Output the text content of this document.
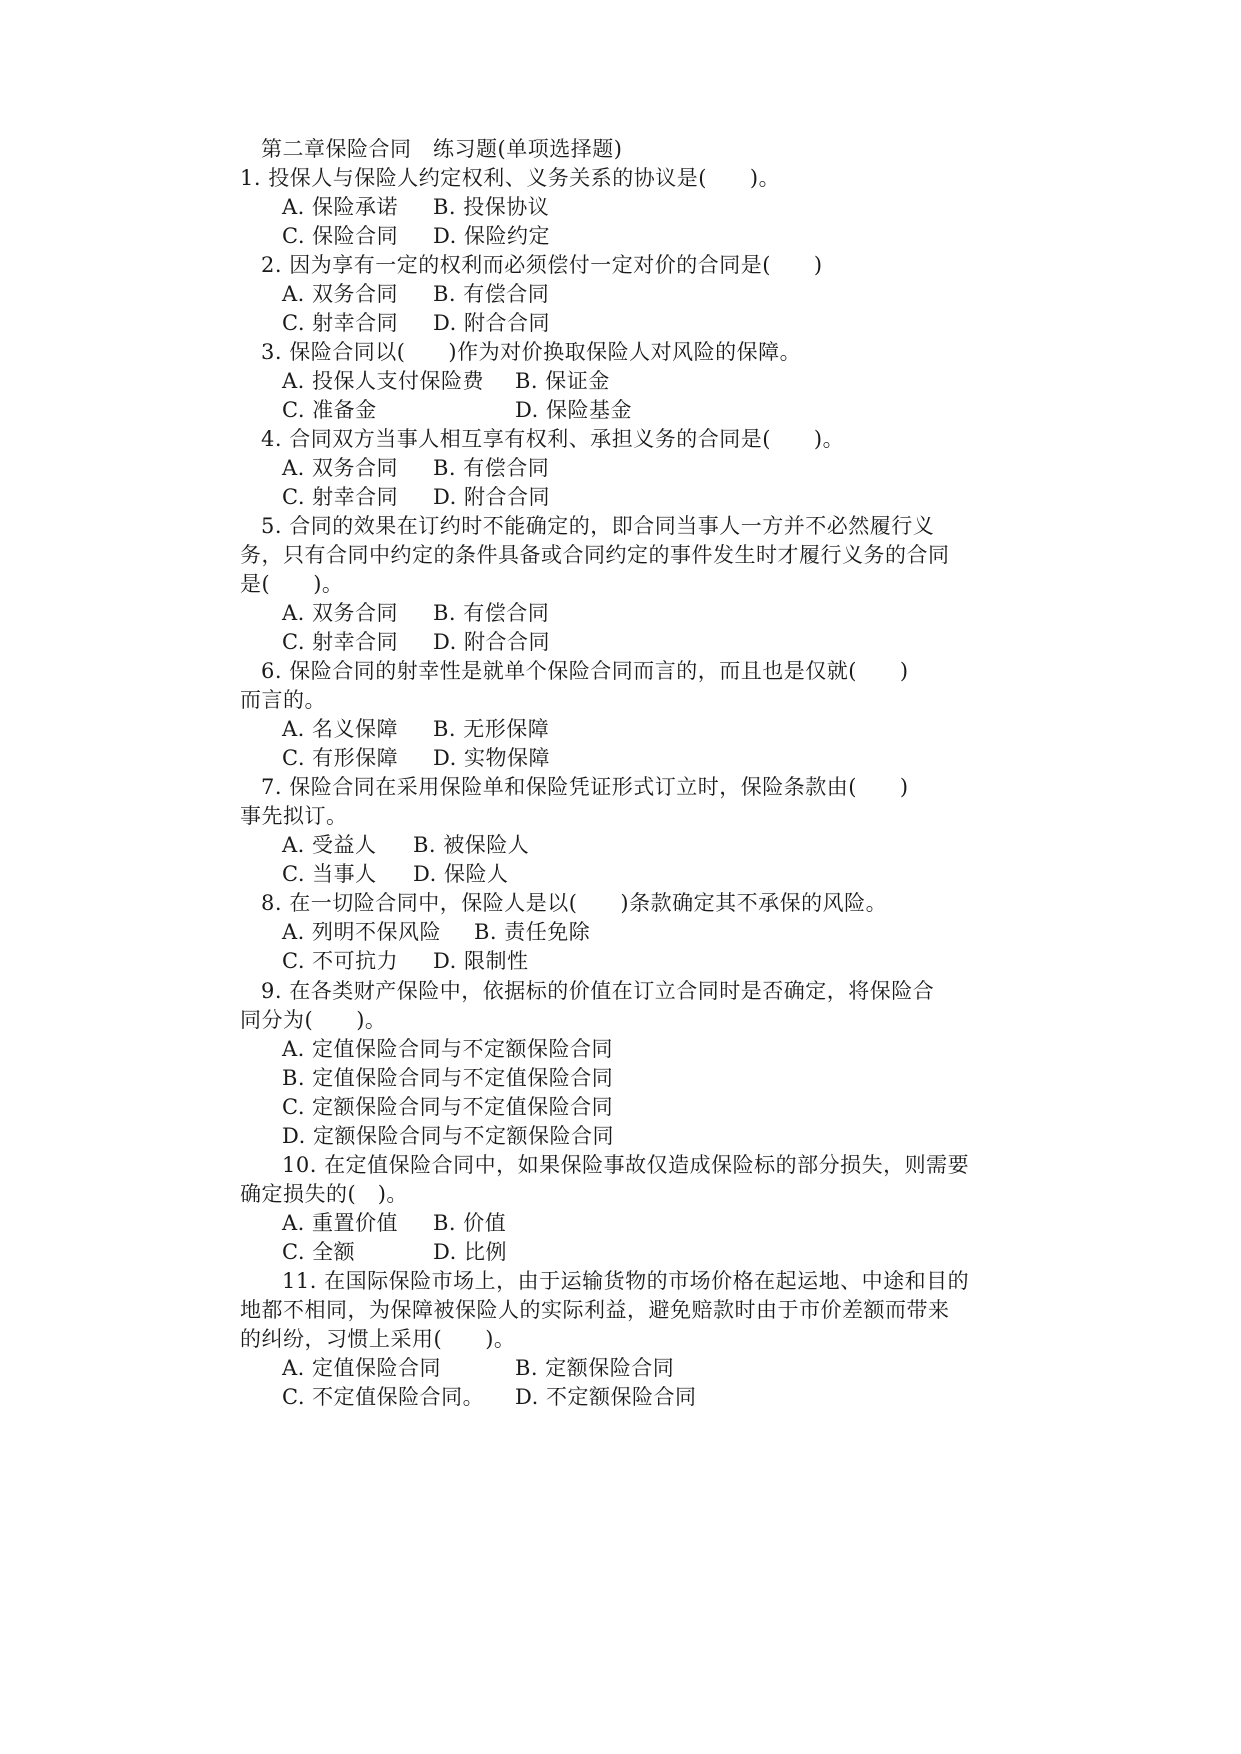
第二章保险合同　练习题(单项选择题)
1. 投保人与保险人约定权利、义务关系的协议是(　　)。
A. 保险承诺 B. 投保协议
C. 保险合同 D. 保险约定
2. 因为享有一定的权利而必须偿付一定对价的合同是(　　)
A. 双务合同 B. 有偿合同
C. 射幸合同 D. 附合合同
3. 保险合同以(　　)作为对价换取保险人对风险的保障。
A. 投保人支付保险费 B. 保证金
C. 准备金	D. 保险基金
4. 合同双方当事人相互享有权利、承担义务的合同是(　　)。
A. 双务合同 B. 有偿合同
C. 射幸合同 D. 附合合同
5. 合同的效果在订约时不能确定的，即合同当事人一方并不必然履行义
务，只有合同中约定的条件具备或合同约定的事件发生时才履行义务的合同
是(　　)。
A. 双务合同 B. 有偿合同
C. 射幸合同 D. 附合合同
6. 保险合同的射幸性是就单个保险合同而言的，而且也是仅就(　　)
而言的。
A. 名义保障 B. 无形保障
C. 有形保障 D. 实物保障
7. 保险合同在采用保险单和保险凭证形式订立时，保险条款由(　　)
事先拟订。
A. 受益人 B. 被保险人
C. 当事人 D. 保险人
8. 在一切险合同中，保险人是以(　　)条款确定其不承保的风险。
A. 列明不保风险 B. 责任免除
C. 不可抗力 D. 限制性
9. 在各类财产保险中，依据标的价值在订立合同时是否确定，将保险合
同分为(　　)。
A. 定值保险合同与不定额保险合同
B. 定值保险合同与不定值保险合同
C. 定额保险合同与不定值保险合同
D. 定额保险合同与不定额保险合同
10. 在定值保险合同中，如果保险事故仅造成保险标的部分损失，则需要
确定损失的(　)。
A. 重置价值 B. 价值
C. 全额	D. 比例
11. 在国际保险市场上，由于运输货物的市场价格在起运地、中途和目的
地都不相同，为保障被保险人的实际利益，避免赔款时由于市价差额而带来
的纠纷，习惯上采用(　　)。
A. 定值保险合同	B. 定额保险合同
C. 不定值保险合同。 D. 不定额保险合同
